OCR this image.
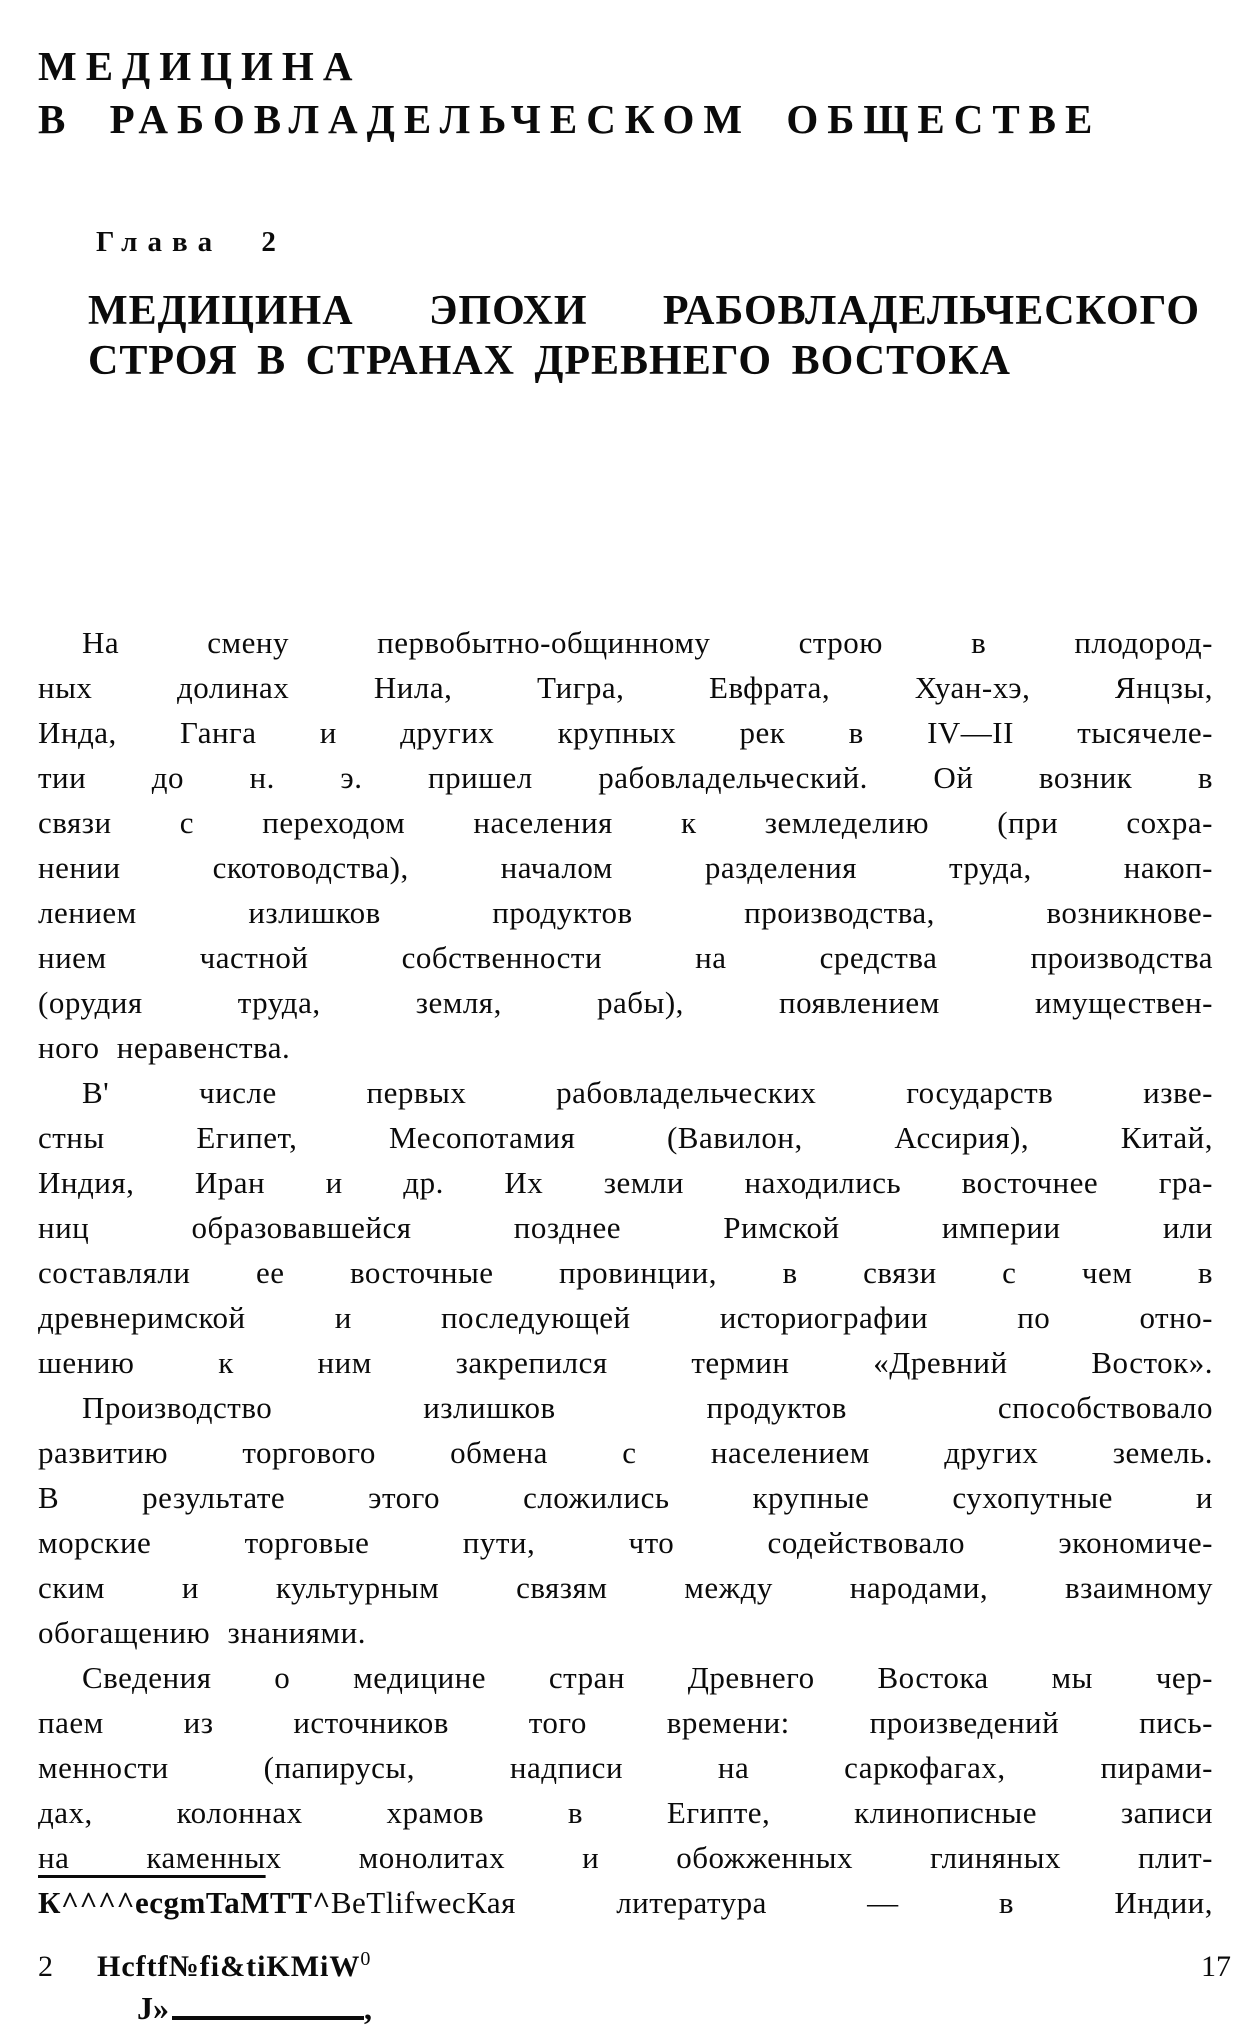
МЕДИЦИНА
В РАБОВЛАДЕЛЬЧЕСКОМ ОБЩЕСТВЕ
Глава 2
МЕДИЦИНА ЭПОХИ РАБОВЛАДЕЛЬЧЕСКОГО
СТРОЯ В СТРАНАХ ДРЕВНЕГО ВОСТОКА
На смену первобытно-общинному строю в плодород-
ных долинах Нила, Тигра, Евфрата, Хуан-хэ, Янцзы,
Инда, Ганга и других крупных рек в IV—II тысячеле-
тии до н. э. пришел рабовладельческий. Ой возник в
связи с переходом населения к земледелию (при сохра-
нении скотоводства), началом разделения труда, накоп-
лением излишков продуктов производства, возникнове-
нием частной собственности на средства производства
(орудия труда, земля, рабы), появлением имуществен-
ного неравенства.
В' числе первых рабовладельческих государств изве-
стны Египет, Месопотамия (Вавилон, Ассирия), Китай,
Индия, Иран и др. Их земли находились восточнее гра-
ниц образовавшейся позднее Римской империи или
составляли ее восточные провинции, в связи с чем в
древнеримской и последующей историографии по отно-
шению к ним закрепился термин «Древний Восток».
Производство излишков продуктов способствовало
развитию торгового обмена с населением других земель.
В результате этого сложились крупные сухопутные и
морские торговые пути, что содействовало экономиче-
ским и культурным связям между народами, взаимному
обогащению знаниями.
Сведения о медицине стран Древнего Востока мы чер-
паем из источников того времени: произведений пись-
менности (папирусы, надписи на саркофагах, пирами-
дах, колоннах храмов в Египте, клинописные записи
на каменных монолитах и обожженных глиняных плит-
К^^^^ecgmTaMTT^BeTlifwecКая литература — в Индии,
2 Hcftf№fi&tiKMiW$^0$	17
J»	,
